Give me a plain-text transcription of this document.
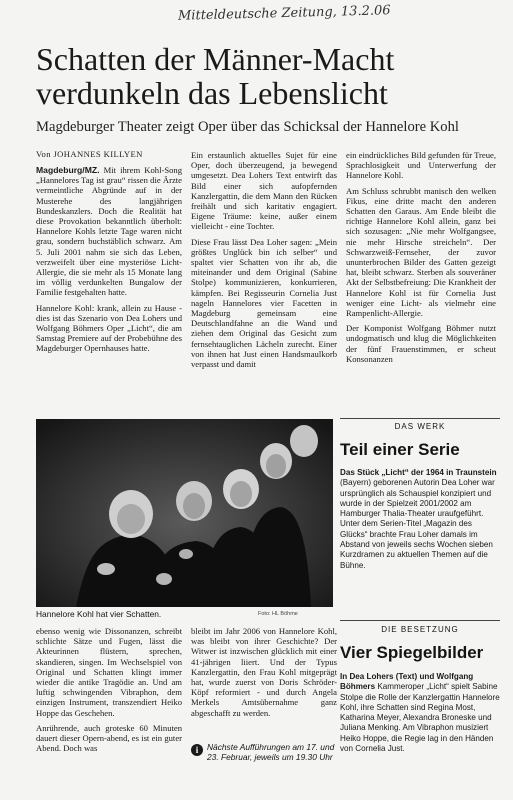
Mitteldeutsche Zeitung, 13.2.06
Schatten der Männer-Macht verdunkeln das Lebenslicht
Magdeburger Theater zeigt Oper über das Schicksal der Hannelore Kohl
Von JOHANNES KILLYEN

Magdeburg/MZ. Mit ihrem Kohl-Song „Hannelores Tag ist grau“ rissen die Ärzte vermeintliche Abgründe auf in der Musterehe des langjährigen Bundeskanzlers. Doch die Realität hat diese Provokation bekanntlich überholt: Hannelore Kohls letzte Tage waren nicht grau, sondern buchstäblich schwarz. Am 5. Juli 2001 nahm sie sich das Leben, verzweifelt über eine mysteriöse Licht-Allergie, die sie mehr als 15 Monate lang im völlig verdunkelten Bungalow der Familie festgehalten hatte.

Hannelore Kohl: krank, allein zu Hause - dies ist das Szenario von Dea Lohers und Wolfgang Böhmers Oper „Licht“, die am Samstag Premiere auf der Probebühne des Magdeburger Opernhauses hatte.

Ein erstaunlich aktuelles Sujet für eine Oper, doch überzeugend, ja bewegend umgesetzt. Dea Lohers Text entwirft das Bild einer sich aufopfernden Kanzlergattin, die dem Mann den Rücken freihält und sich karitativ engagiert. Eigene Träume: keine, außer einem vielleicht - eine Tochter.

Diese Frau lässt Dea Loher sagen: „Mein größtes Unglück bin ich selber“ und spaltet vier Schatten von ihr ab, die miteinander und dem Original (Sabine Stolpe) kommunizieren, konkurrieren, kämpfen. Bei Regisseurin Cornelia Just nageln Hannelores vier Facetten in Magdeburg gemeinsam eine Deutschlandfahne an die Wand und ziehen dem Original das Gesicht zum fernsehtauglichen Lächeln zurecht. Einer von ihnen hat Just einen Handsmaulkorb verpasst und damit

ein eindrückliches Bild gefunden für Treue, Sprachlosigkeit und Unterwerfung der Hannelore Kohl.

Am Schluss schrubbt manisch den welken Fikus, eine dritte macht den anderen Schatten den Garaus. Am Ende bleibt die richtige Hannelore Kohl allein, ganz bei sich sozusagen: „Nie mehr Wolfgangsee, nie mehr Hirsche streicheln“. Der Schwarzweiß-Fernseher, der zuvor ununterbrochen Bilder des Gatten gezeigt hat, bleibt schwarz. Sterben als souveräner Akt der Selbstbefreiung: Die Krankheit der Hannelore Kohl ist für Cornelia Just weniger eine Licht- als vielmehr eine Rampenlicht-Allergie.

Der Komponist Wolfgang Böhmer nutzt undogmatisch und klug die Möglichkeiten der fünf Frauenstimmen, er scheut Konsonanzen

Hannelore Kohl hat vier Schatten.	Foto: HL Böhme
DAS WERK
Teil einer Serie
Das Stück „Licht“ der 1964 in Traunstein (Bayern) geborenen Autorin Dea Loher war ursprünglich als Schauspiel konzipiert und wurde in der Spielzeit 2001/2002 am Hamburger Thalia-Theater uraufgeführt. Unter dem Serien-Titel „Magazin des Glücks“ brachte Frau Loher damals im Abstand von jeweils sechs Wochen sieben Kurzdramen zu aktuellen Themen auf die Bühne.

ebenso wenig wie Dissonanzen, schreibt schlichte Sätze und Fugen, lässt die Akteurinnen flüstern, sprechen, skandieren, singen. Im Wechselspiel von Original und Schatten klingt immer wieder die antike Tragödie an. Und am luftig schwingenden Vibraphon, dem einzigen Instrument, transzendiert Heiko Hoppe das Geschehen.

Anrührende, auch groteske 60 Minuten dauert dieser Opern-abend, es ist ein guter Abend. Doch was

bleibt im Jahr 2006 von Hannelore Kohl, was bleibt von ihrer Geschichte? Der Witwer ist inzwischen glücklich mit einer 41-jährigen liiert. Und der Typus Kanzlergattin, den Frau Kohl mitgeprägt hat, wurde zuerst von Doris Schröder-Köpf reformiert - und durch Angela Merkels Amtsübernahme ganz abgeschafft zu werden.

i	Nächste Aufführungen am 17. und 23. Februar, jeweils um 19.30 Uhr
DIE BESETZUNG
Vier Spiegelbilder
In Dea Lohers (Text) und Wolfgang Böhmers Kammeroper „Licht“ spielt Sabine Stolpe die Rolle der Kanzlergattin Hannelore Kohl, ihre Schatten sind Regina Most, Katharina Meyer, Alexandra Broneske und Juliana Menking. Am Vibraphon musiziert Heiko Hoppe, die Regie lag in den Händen von Cornelia Just.
